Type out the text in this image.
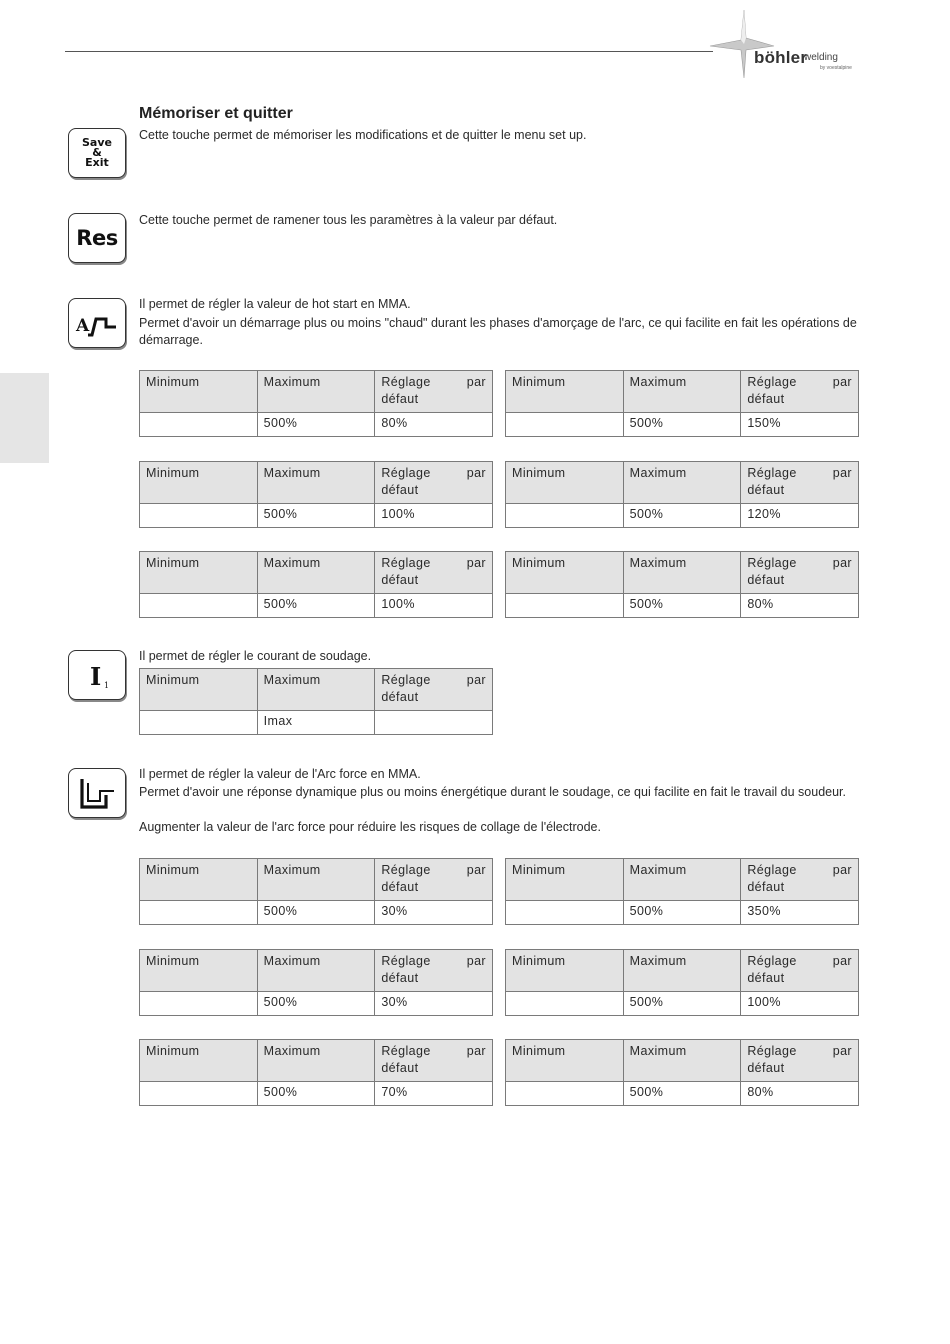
böhler
welding
by voestalpine
Save
&
Exit
Mémoriser et quitter
Cette touche permet de mémoriser les modifications et de quitter le menu set up.
Res
Cette touche permet de ramener tous les paramètres à la valeur par défaut.
A
Il permet de régler la valeur de hot start en MMA.
Permet d'avoir un démarrage plus ou moins "chaud" durant les phases d'amorçage de l'arc, ce qui facilite en fait les opérations de démarrage.
Minimum	Maximum	Réglage par
défaut

	500%	80%
Minimum	Maximum	Réglage par
défaut

	500%	150%
Minimum	Maximum	Réglage par
défaut

	500%	100%
Minimum	Maximum	Réglage par
défaut

	500%	120%
Minimum	Maximum	Réglage par
défaut

	500%	100%
Minimum	Maximum	Réglage par
défaut

	500%	80%
I 1
Il permet de régler le courant de soudage.
Minimum	Maximum	Réglage par
défaut

	Imax	
Il permet de régler la valeur de l'Arc force en MMA.
Permet d'avoir une réponse dynamique plus ou moins énergétique durant le soudage, ce qui facilite en fait le travail du soudeur.
Augmenter la valeur de l'arc force pour réduire les risques de collage de l'électrode.
Minimum	Maximum	Réglage par
défaut

	500%	30%
Minimum	Maximum	Réglage par
défaut

	500%	350%
Minimum	Maximum	Réglage par
défaut

	500%	30%
Minimum	Maximum	Réglage par
défaut

	500%	100%
Minimum	Maximum	Réglage par
défaut

	500%	70%
Minimum	Maximum	Réglage par
défaut

	500%	80%
